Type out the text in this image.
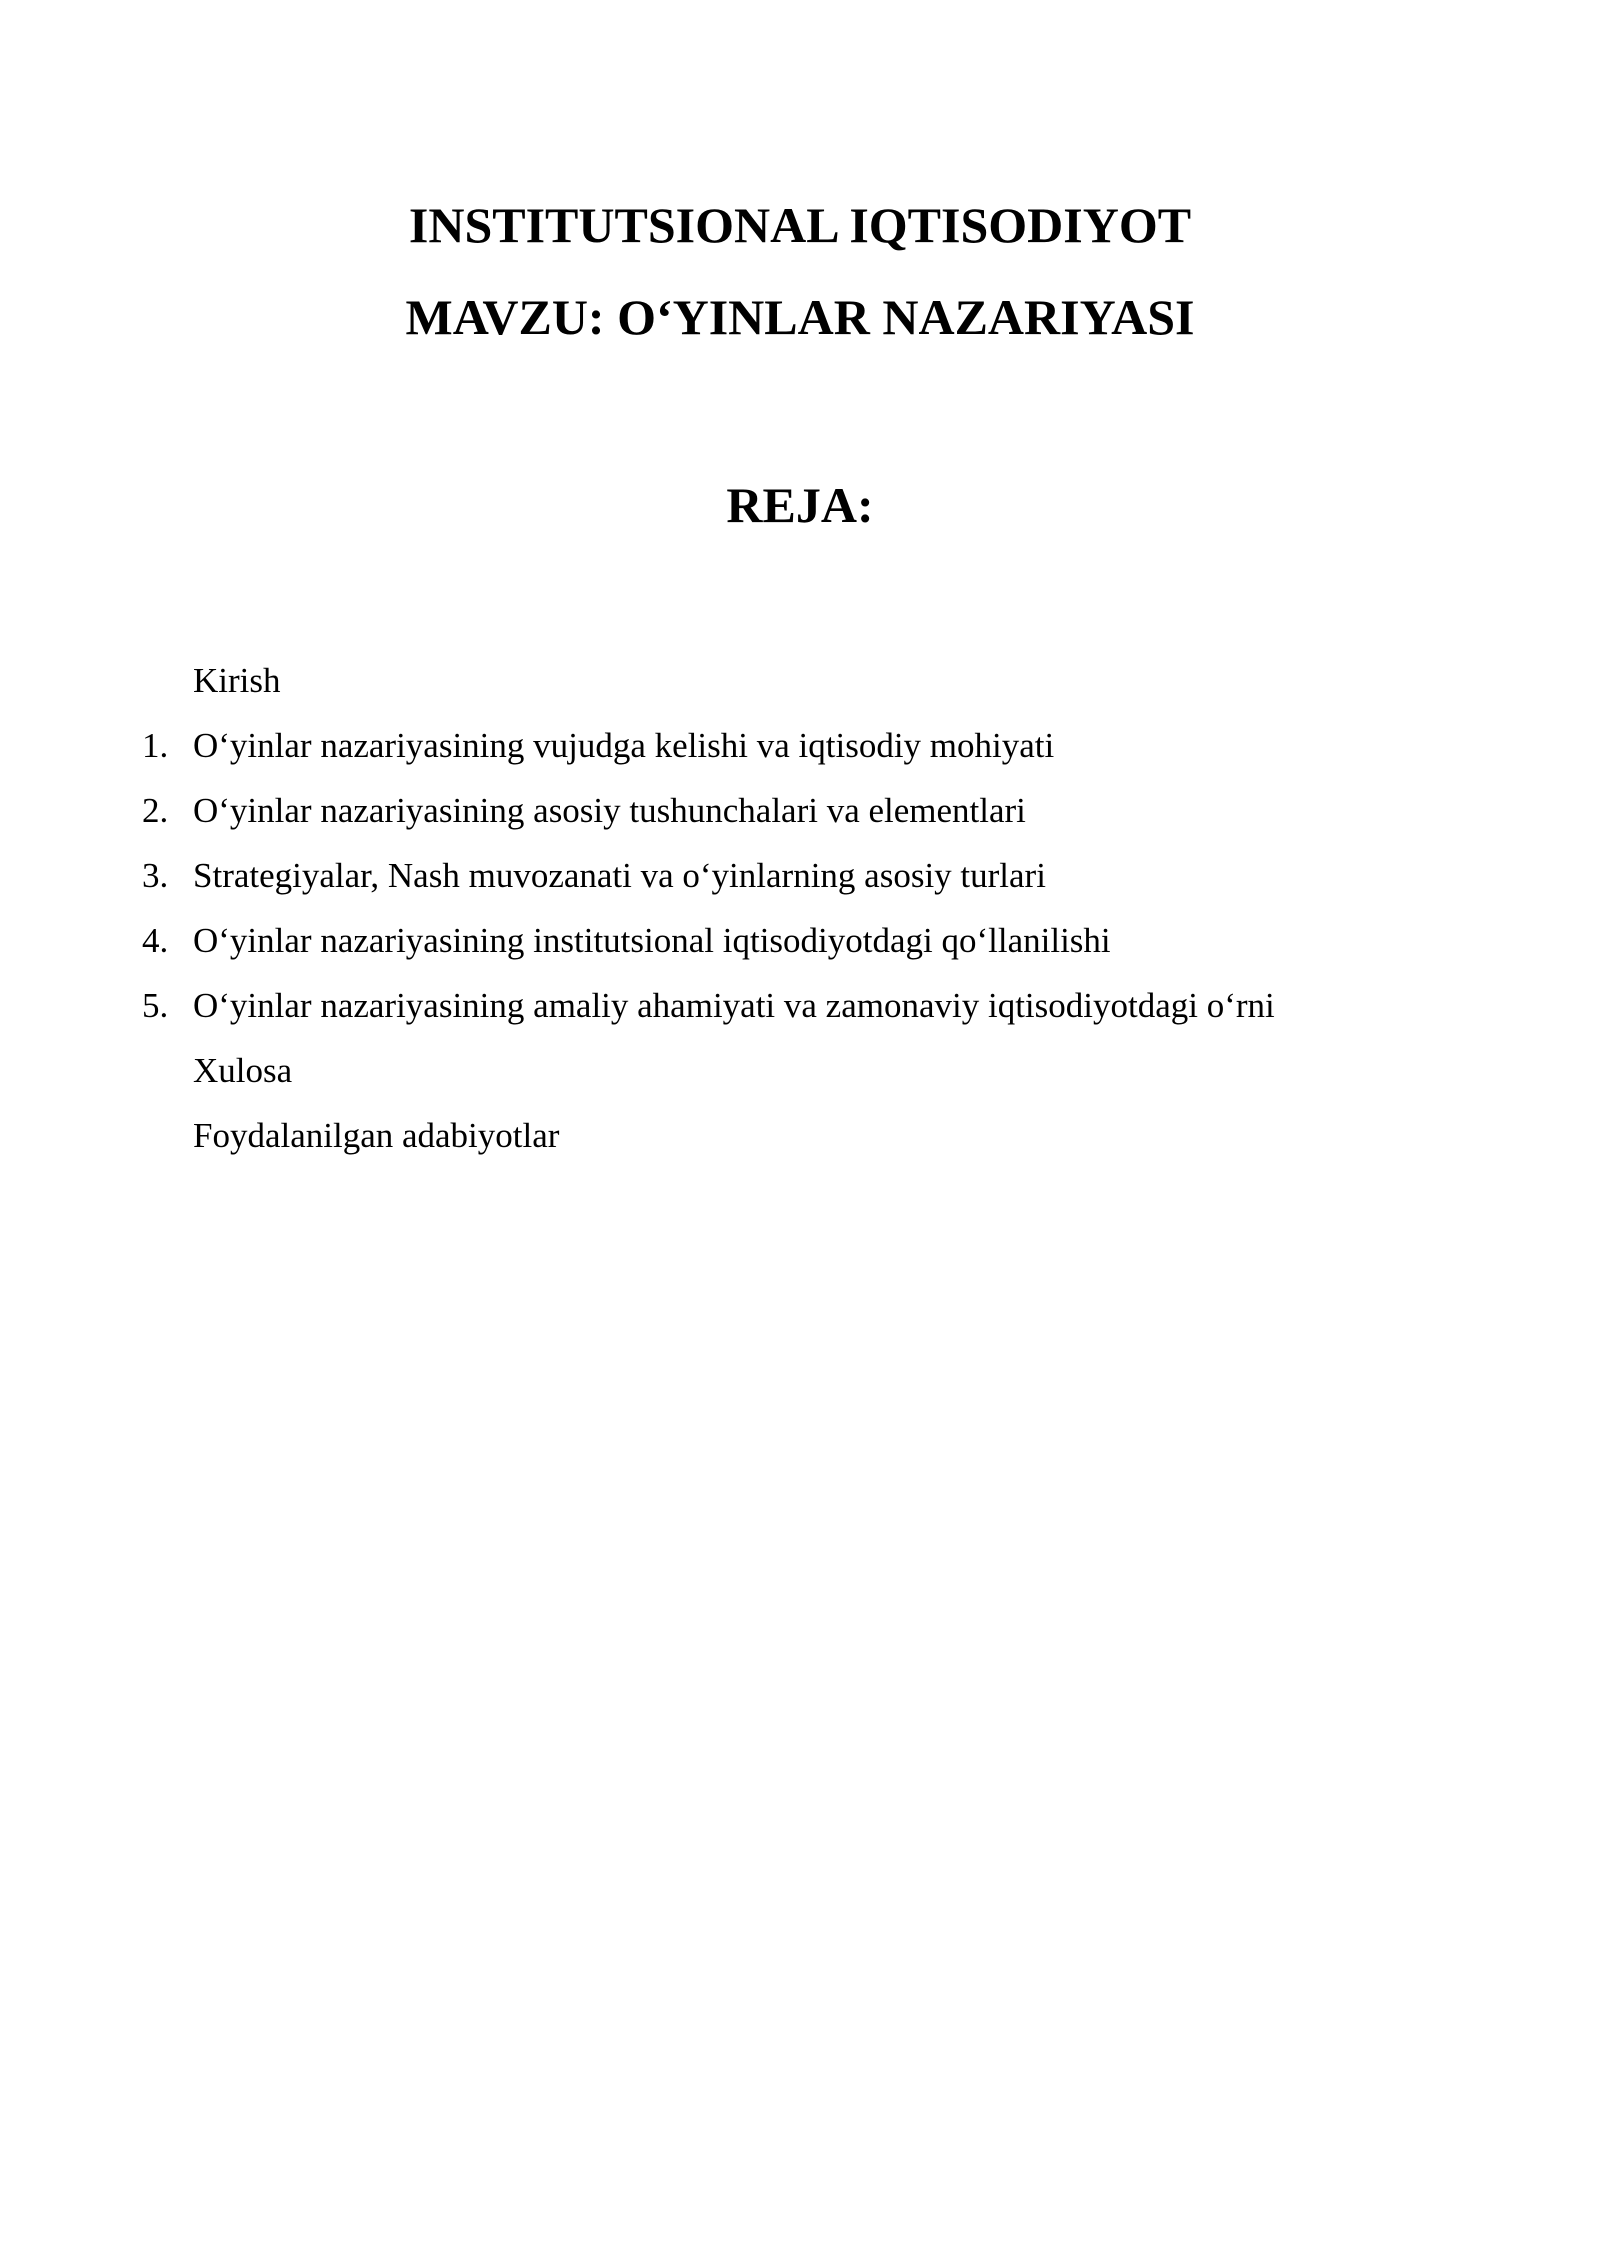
INSTITUTSIONAL IQTISODIYOT
MAVZU: O‘YINLAR NAZARIYASI
REJA:
Kirish
1. O‘yinlar nazariyasining vujudga kelishi va iqtisodiy mohiyati
2. O‘yinlar nazariyasining asosiy tushunchalari va elementlari
3. Strategiyalar, Nash muvozanati va o‘yinlarning asosiy turlari
4. O‘yinlar nazariyasining institutsional iqtisodiyotdagi qo‘llanilishi
5. O‘yinlar nazariyasining amaliy ahamiyati va zamonaviy iqtisodiyotdagi o‘rni
Xulosa
Foydalanilgan adabiyotlar
